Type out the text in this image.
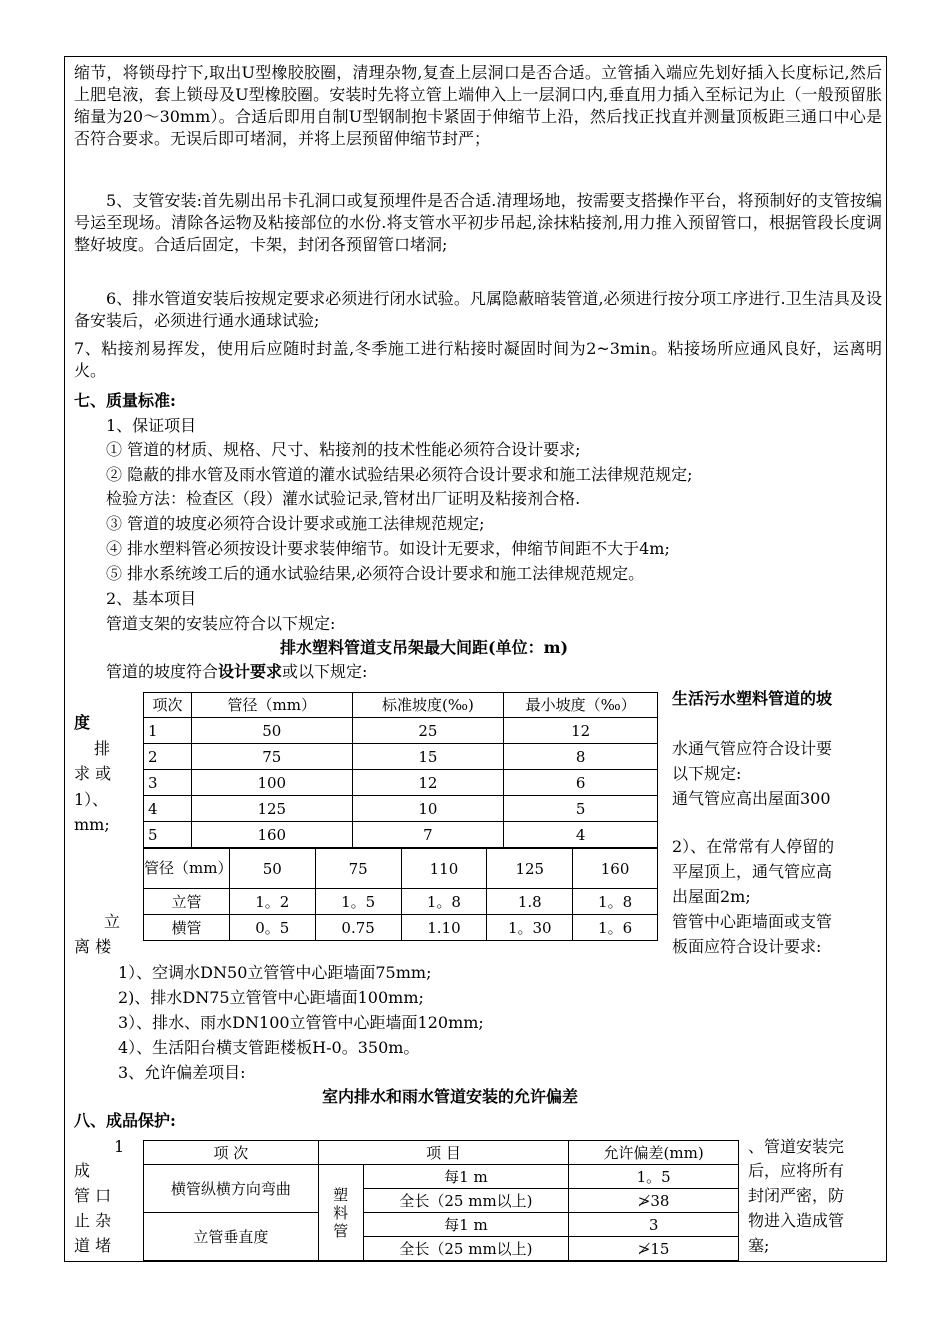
缩节，将锁母拧下,取出U型橡胶胶圈，清理杂物,复查上层洞口是否合适。立管插入端应先划好插入长度标记,然后上肥皂液，套上锁母及U型橡胶圈。安装时先将立管上端伸入上一层洞口内,垂直用力插入至标记为止（一般预留胀缩量为20～30mm）。合适后即用自制U型钢制抱卡紧固于伸缩节上沿，然后找正找直并测量顶板距三通口中心是否符合要求。无误后即可堵洞，并将上层预留伸缩节封严；
5、支管安装:首先剔出吊卡孔洞口或复预埋件是否合适.清理场地，按需要支搭操作平台，将预制好的支管按编号运至现场。清除各运物及粘接部位的水份.将支管水平初步吊起,涂抹粘接剂,用力推入预留管口，根据管段长度调整好坡度。合适后固定，卡架，封闭各预留管口堵洞;
6、排水管道安装后按规定要求必须进行闭水试验。凡属隐蔽暗装管道,必须进行按分项工序进行.卫生洁具及设备安装后，必须进行通水通球试验;
7、粘接剂易挥发，使用后应随时封盖,冬季施工进行粘接时凝固时间为2~3min。粘接场所应通风良好，运离明火。
七、质量标准:
1、保证项目
① 管道的材质、规格、尺寸、粘接剂的技术性能必须符合设计要求;
② 隐蔽的排水管及雨水管道的灌水试验结果必须符合设计要求和施工法律规范规定;
检验方法：检查区（段）灌水试验记录,管材出厂证明及粘接剂合格.
③ 管道的坡度必须符合设计要求或施工法律规范规定;
④ 排水塑料管必须按设计要求装伸缩节。如设计无要求，伸缩节间距不大于4m;
⑤ 排水系统竣工后的通水试验结果,必须符合设计要求和施工法律规范规定。
2、基本项目
管道支架的安装应符合以下规定:
排水塑料管道支吊架最大间距(单位：m)
管道的坡度符合设计要求或以下规定:
度
排
求 或
1）、
mm;
立
离 楼
生活污水塑料管道的坡
水通气管应符合设计要
以下规定:
通气管应高出屋面300
2）、在常常有人停留的
平屋顶上，通气管应高
出屋面2m;
管管中心距墙面或支管
板面应符合设计要求:
项次	管径（mm）	标准坡度(‰)	最小坡度（‰）
1	50	25	12
2	75	15	8
3	100	12	6
4	125	10	5
5	160	7	4
管径（mm）	50	75	110	125	160
立管	1。2	1。5	1。8	1.8	1。8
横管	0。5	0.75	1.10	1。30	1。6
1）、空调水DN50立管管中心距墙面75mm;
2)、排水DN75立管管中心距墙面100mm;
3）、排水、雨水DN100立管管中心距墙面120mm;
4）、生活阳台横支管距楼板H-0。350m。
3、允许偏差项目:
室内排水和雨水管道安装的允许偏差
八、成品保护:
1
成
管 口
止 杂
道 堵
、管道安装完
后，应将所有
封闭严密，防
物进入造成管
塞;
项 次	项 目		允许偏差(mm)
横管纵横方向弯曲	塑料管	每1 m	1。5
		全长（25 mm以上)	≯38
立管垂直度		每1 m	3
		全长（25 mm以上)	≯15
